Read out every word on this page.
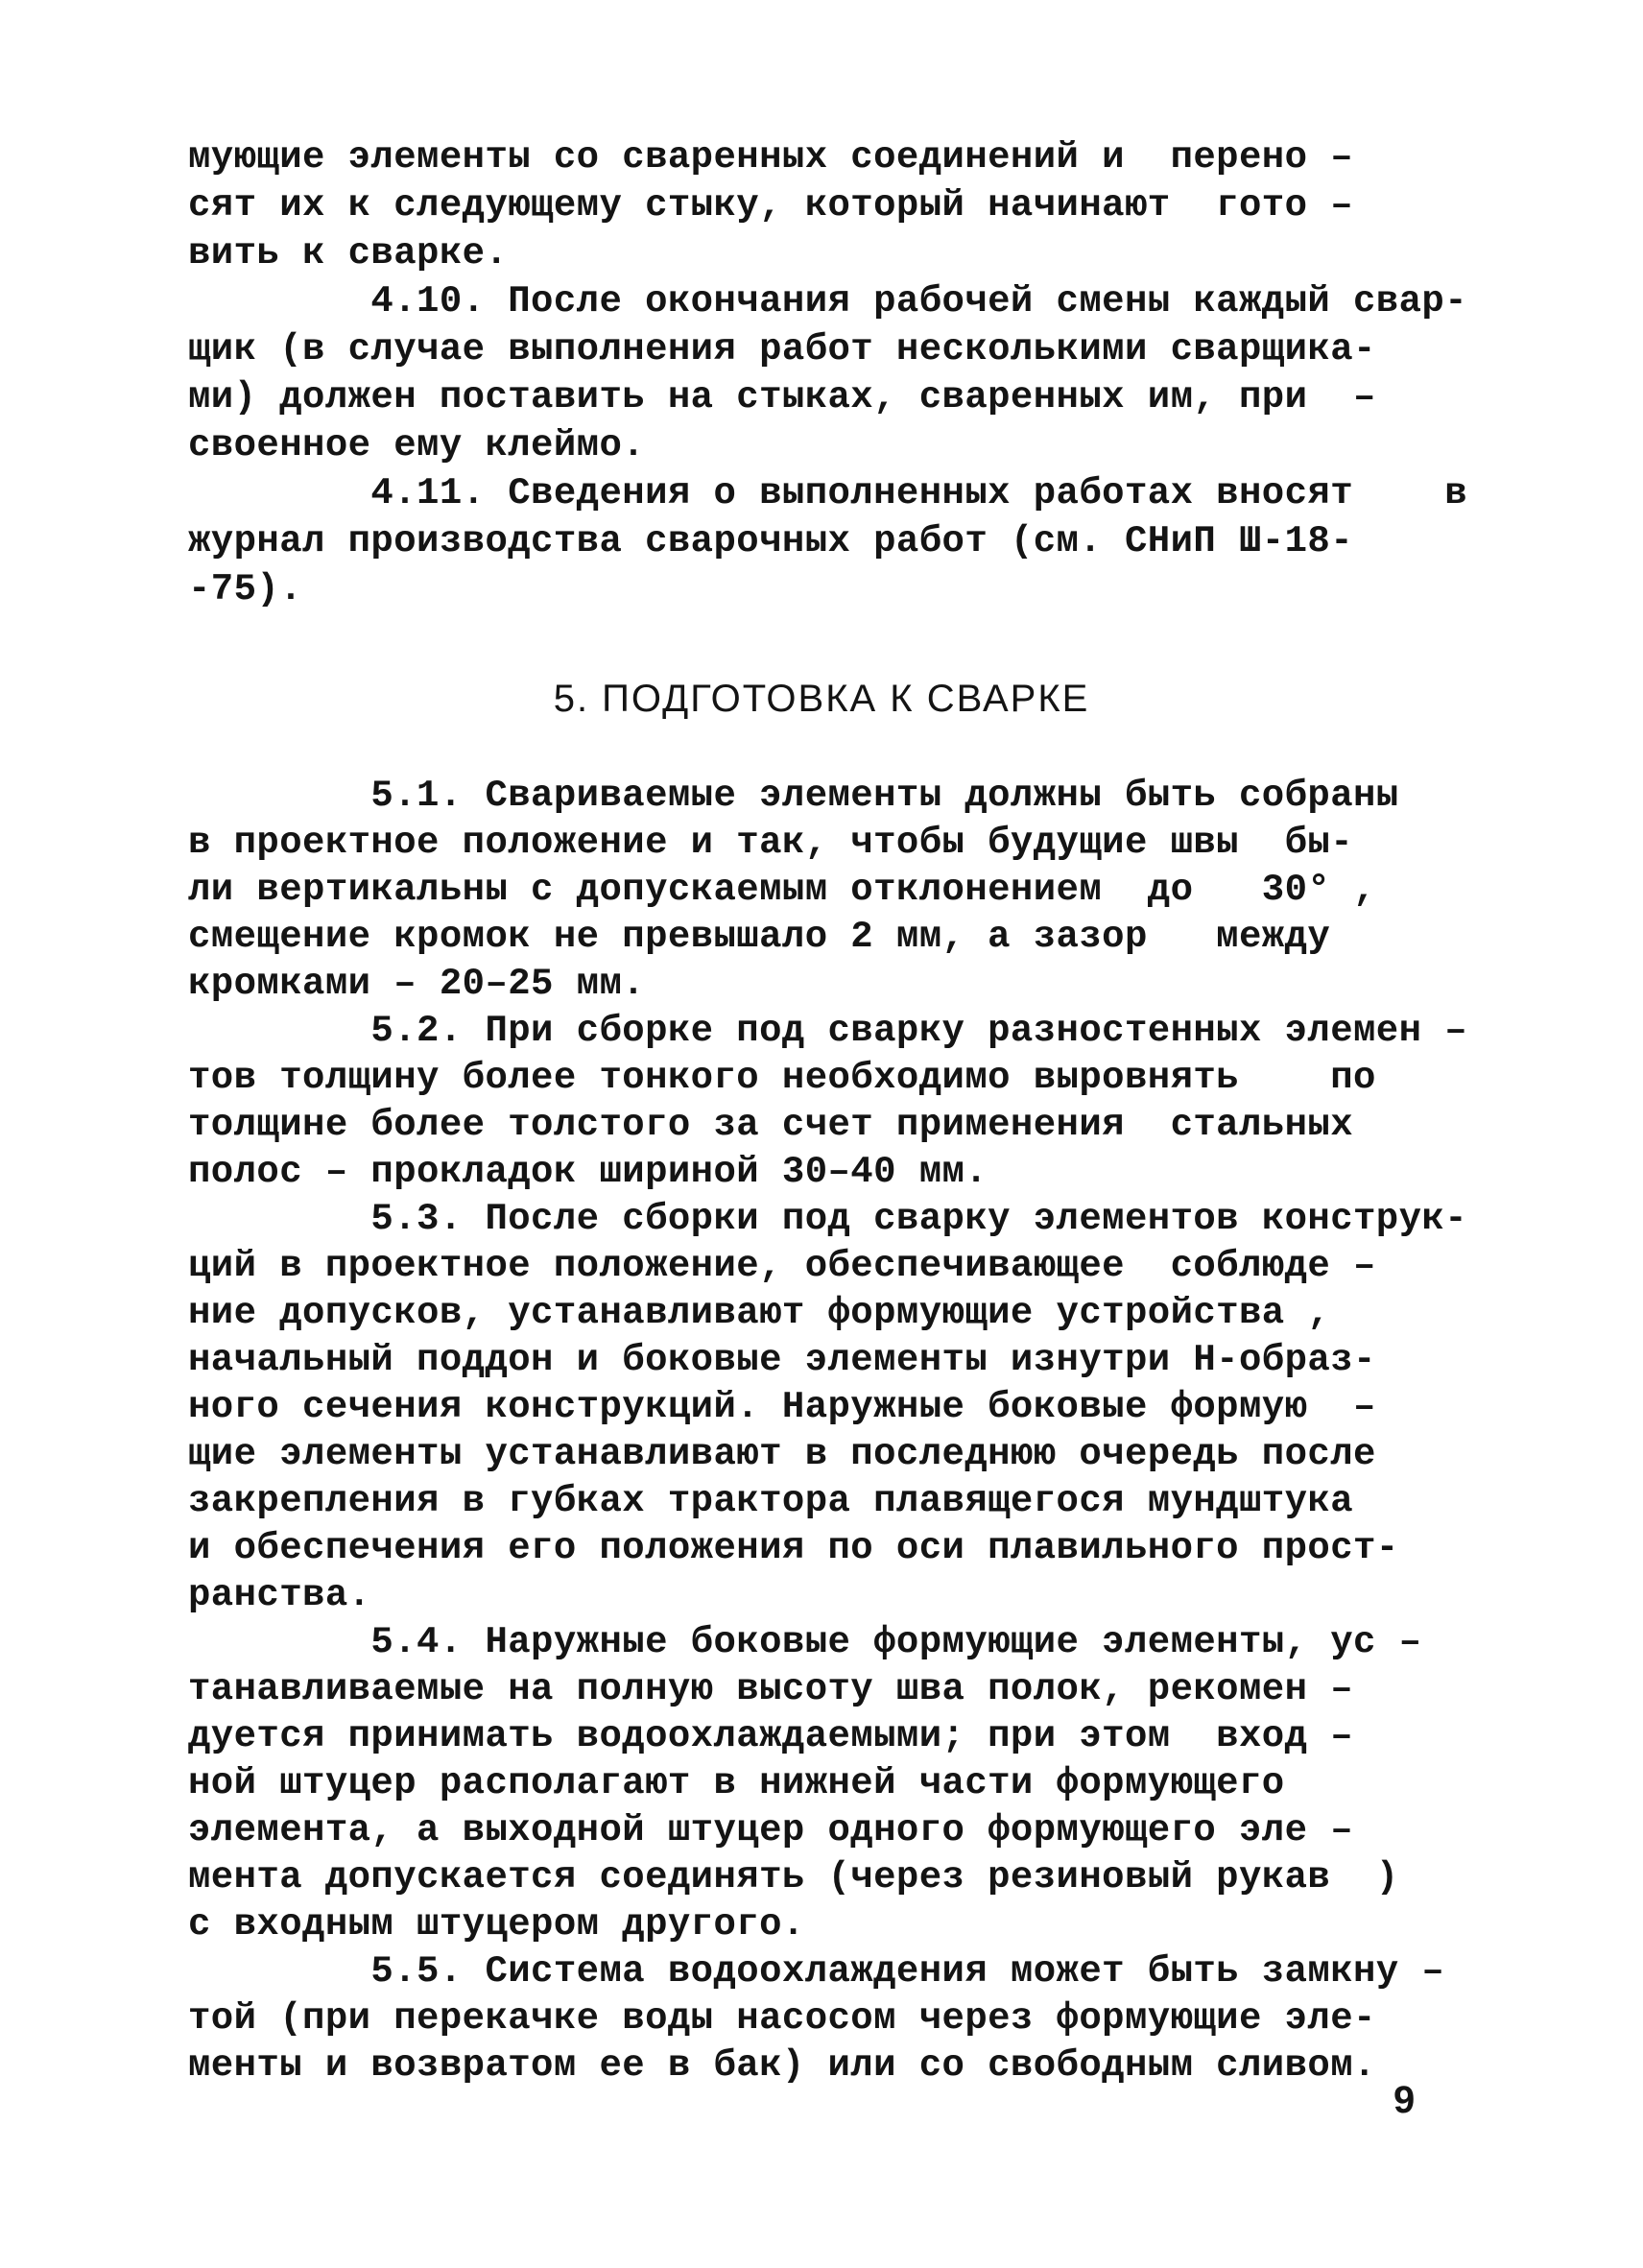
мующие элементы со сваренных соединений и  перено –
сят их к следующему стыку, который начинают  гото –
вить к сварке.
4.10. После окончания рабочей смены каждый свар-
щик (в случае выполнения работ несколькими сварщика-
ми) должен поставить на стыках, сваренных им, при  –
своенное ему клеймо.
4.11. Сведения о выполненных работах вносят    в
журнал производства сварочных работ (см. СНиП Ш-18-
-75).
5. ПОДГОТОВКА К СВАРКЕ
5.1. Свариваемые элементы должны быть собраны
в проектное положение и так, чтобы будущие швы  бы-
ли вертикальны с допускаемым отклонением  до   30° ,
смещение кромок не превышало 2 мм, а зазор   между
кромками – 20–25 мм.
5.2. При сборке под сварку разностенных элемен –
тов толщину более тонкого необходимо выровнять    по
толщине более толстого за счет применения  стальных
полос – прокладок шириной 30–40 мм.
5.3. После сборки под сварку элементов конструк-
ций в проектное положение, обеспечивающее  соблюде –
ние допусков, устанавливают формующие устройства ,
начальный поддон и боковые элементы изнутри Н-образ-
ного сечения конструкций. Наружные боковые формую  –
щие элементы устанавливают в последнюю очередь после
закрепления в губках трактора плавящегося мундштука
и обеспечения его положения по оси плавильного прост-
ранства.
5.4. Наружные боковые формующие элементы, ус –
танавливаемые на полную высоту шва полок, рекомен –
дуется принимать водоохлаждаемыми; при этом  вход –
ной штуцер располагают в нижней части формующего
элемента, а выходной штуцер одного формующего эле –
мента допускается соединять (через резиновый рукав  )
с входным штуцером другого.
5.5. Система водоохлаждения может быть замкну –
той (при перекачке воды насосом через формующие эле-
менты и возвратом ее в бак) или со свободным сливом.
9
